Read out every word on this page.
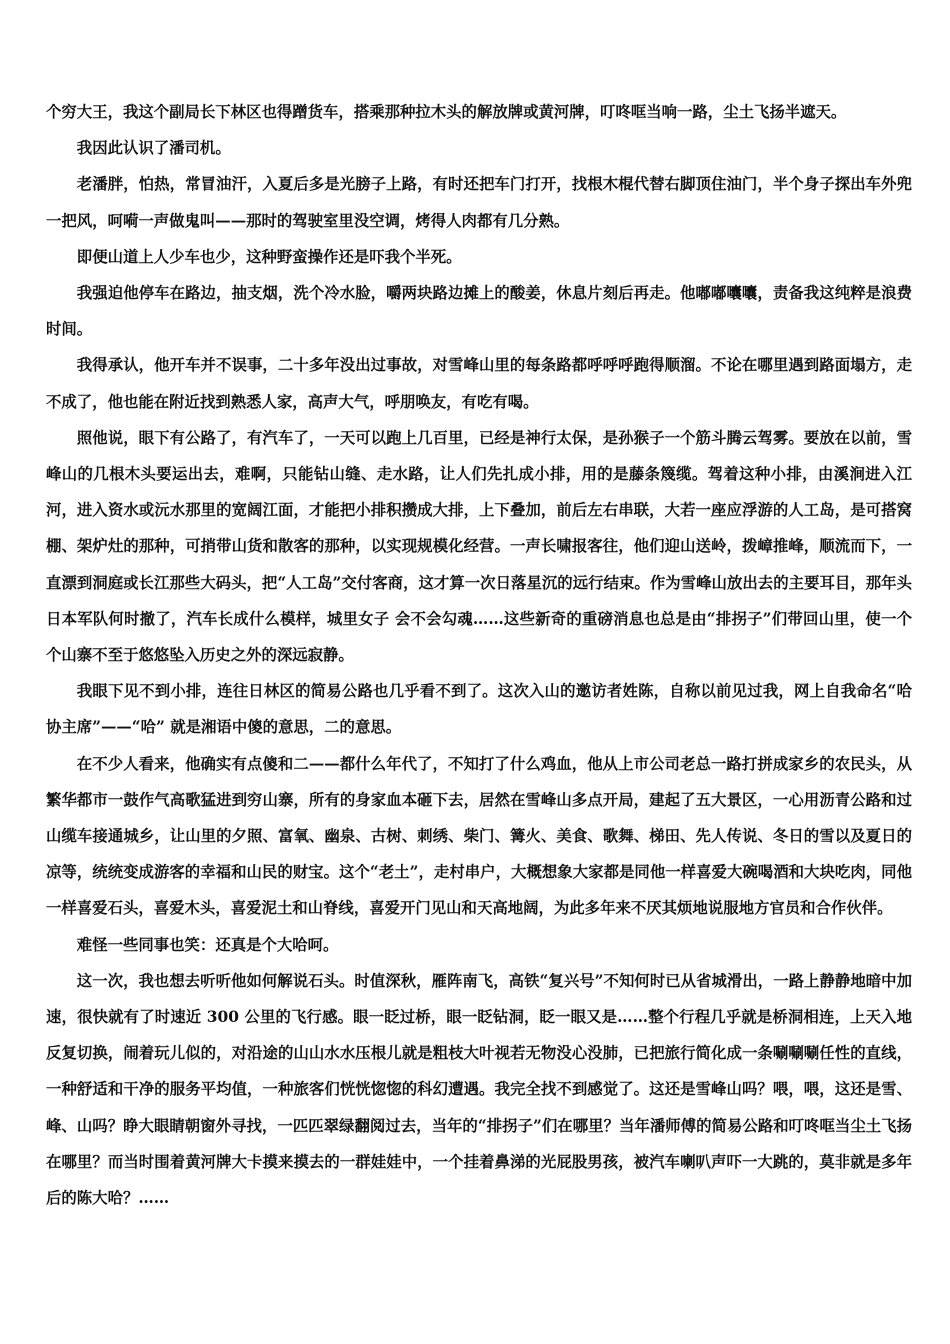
个穷大王，我这个副局长下林区也得蹭货车，搭乘那种拉木头的解放牌或黄河牌，叮咚哐当响一路，尘土飞扬半遮天。

我因此认识了潘司机。

老潘胖，怕热，常冒油汗，入夏后多是光膀子上路，有时还把车门打开，找根木棍代替右脚顶住油门，半个身子探出车外兜一把风，呵嗬一声做鬼叫——那时的驾驶室里没空调，烤得人肉都有几分熟。

即便山道上人少车也少，这种野蛮操作还是吓我个半死。

我强迫他停车在路边，抽支烟，洗个冷水脸，嚼两块路边摊上的酸姜，休息片刻后再走。他嘟嘟囔囔，责备我这纯粹是浪费时间。

我得承认，他开车并不误事，二十多年没出过事故，对雪峰山里的每条路都呼呼呼跑得顺溜。不论在哪里遇到路面塌方，走不成了，他也能在附近找到熟悉人家，高声大气，呼朋唤友，有吃有喝。

照他说，眼下有公路了，有汽车了，一天可以跑上几百里，已经是神行太保，是孙猴子一个筋斗腾云驾雾。要放在以前，雪峰山的几根木头要运出去，难啊，只能钻山缝、走水路，让人们先扎成小排，用的是藤条篾缆。驾着这种小排，由溪涧进入江河，进入资水或沅水那里的宽阔江面，才能把小排积攒成大排，上下叠加，前后左右串联，大若一座应浮游的人工岛，是可搭窝棚、架炉灶的那种，可捎带山货和散客的那种，以实现规模化经营。一声长啸报客往，他们迎山送岭，拨嶂推峰，顺流而下，一直漂到洞庭或长江那些大码头，把“人工岛”交付客商，这才算一次日落星沉的远行结束。作为雪峰山放出去的主要耳目，那年头日本军队何时撤了，汽车长成什么模样，城里女子 会不会勾魂……这些新奇的重磅消息也总是由“排拐子”们带回山里，使一个个山寨不至于悠悠坠入历史之外的深远寂静。

我眼下见不到小排，连往日林区的简易公路也几乎看不到了。这次入山的邀访者姓陈，自称以前见过我，网上自我命名“哈协主席”——“哈” 就是湘语中傻的意思，二的意思。

在不少人看来，他确实有点傻和二——都什么年代了，不知打了什么鸡血，他从上市公司老总一路打拼成家乡的农民头，从繁华都市一鼓作气高歌猛进到穷山寨，所有的身家血本砸下去，居然在雪峰山多点开局，建起了五大景区，一心用沥青公路和过山缆车接通城乡，让山里的夕照、富氧、幽泉、古树、刺绣、柴门、篝火、美食、歌舞、梯田、先人传说、冬日的雪以及夏日的凉等，统统变成游客的幸福和山民的财宝。这个“老土”，走村串户，大概想象大家都是同他一样喜爱大碗喝酒和大块吃肉，同他一样喜爱石头，喜爱木头，喜爱泥土和山脊线，喜爱开门见山和天高地阔，为此多年来不厌其烦地说服地方官员和合作伙伴。

难怪一些同事也笑：还真是个大哈呵。

这一次，我也想去听听他如何解说石头。时值深秋，雁阵南飞，高铁“复兴号”不知何时已从省城滑出，一路上静静地暗中加速，很快就有了时速近 300 公里的飞行感。眼一眨过桥，眼一眨钻洞，眨一眼又是……整个行程几乎就是桥洞相连，上天入地反复切换，闹着玩儿似的，对沿途的山山水水压根儿就是粗枝大叶视若无物没心没肺，已把旅行简化成一条唰唰唰任性的直线，一种舒适和干净的服务平均值，一种旅客们恍恍惚惚的科幻遭遇。我完全找不到感觉了。这还是雪峰山吗？喂，喂，这还是雪、峰、山吗？睁大眼睛朝窗外寻找，一匹匹翠绿翻阅过去，当年的“排拐子”们在哪里？当年潘师傅的简易公路和叮咚哐当尘土飞扬在哪里？而当时围着黄河牌大卡摸来摸去的一群娃娃中，一个挂着鼻涕的光屁股男孩，被汽车喇叭声吓一大跳的，莫非就是多年后的陈大哈？……
